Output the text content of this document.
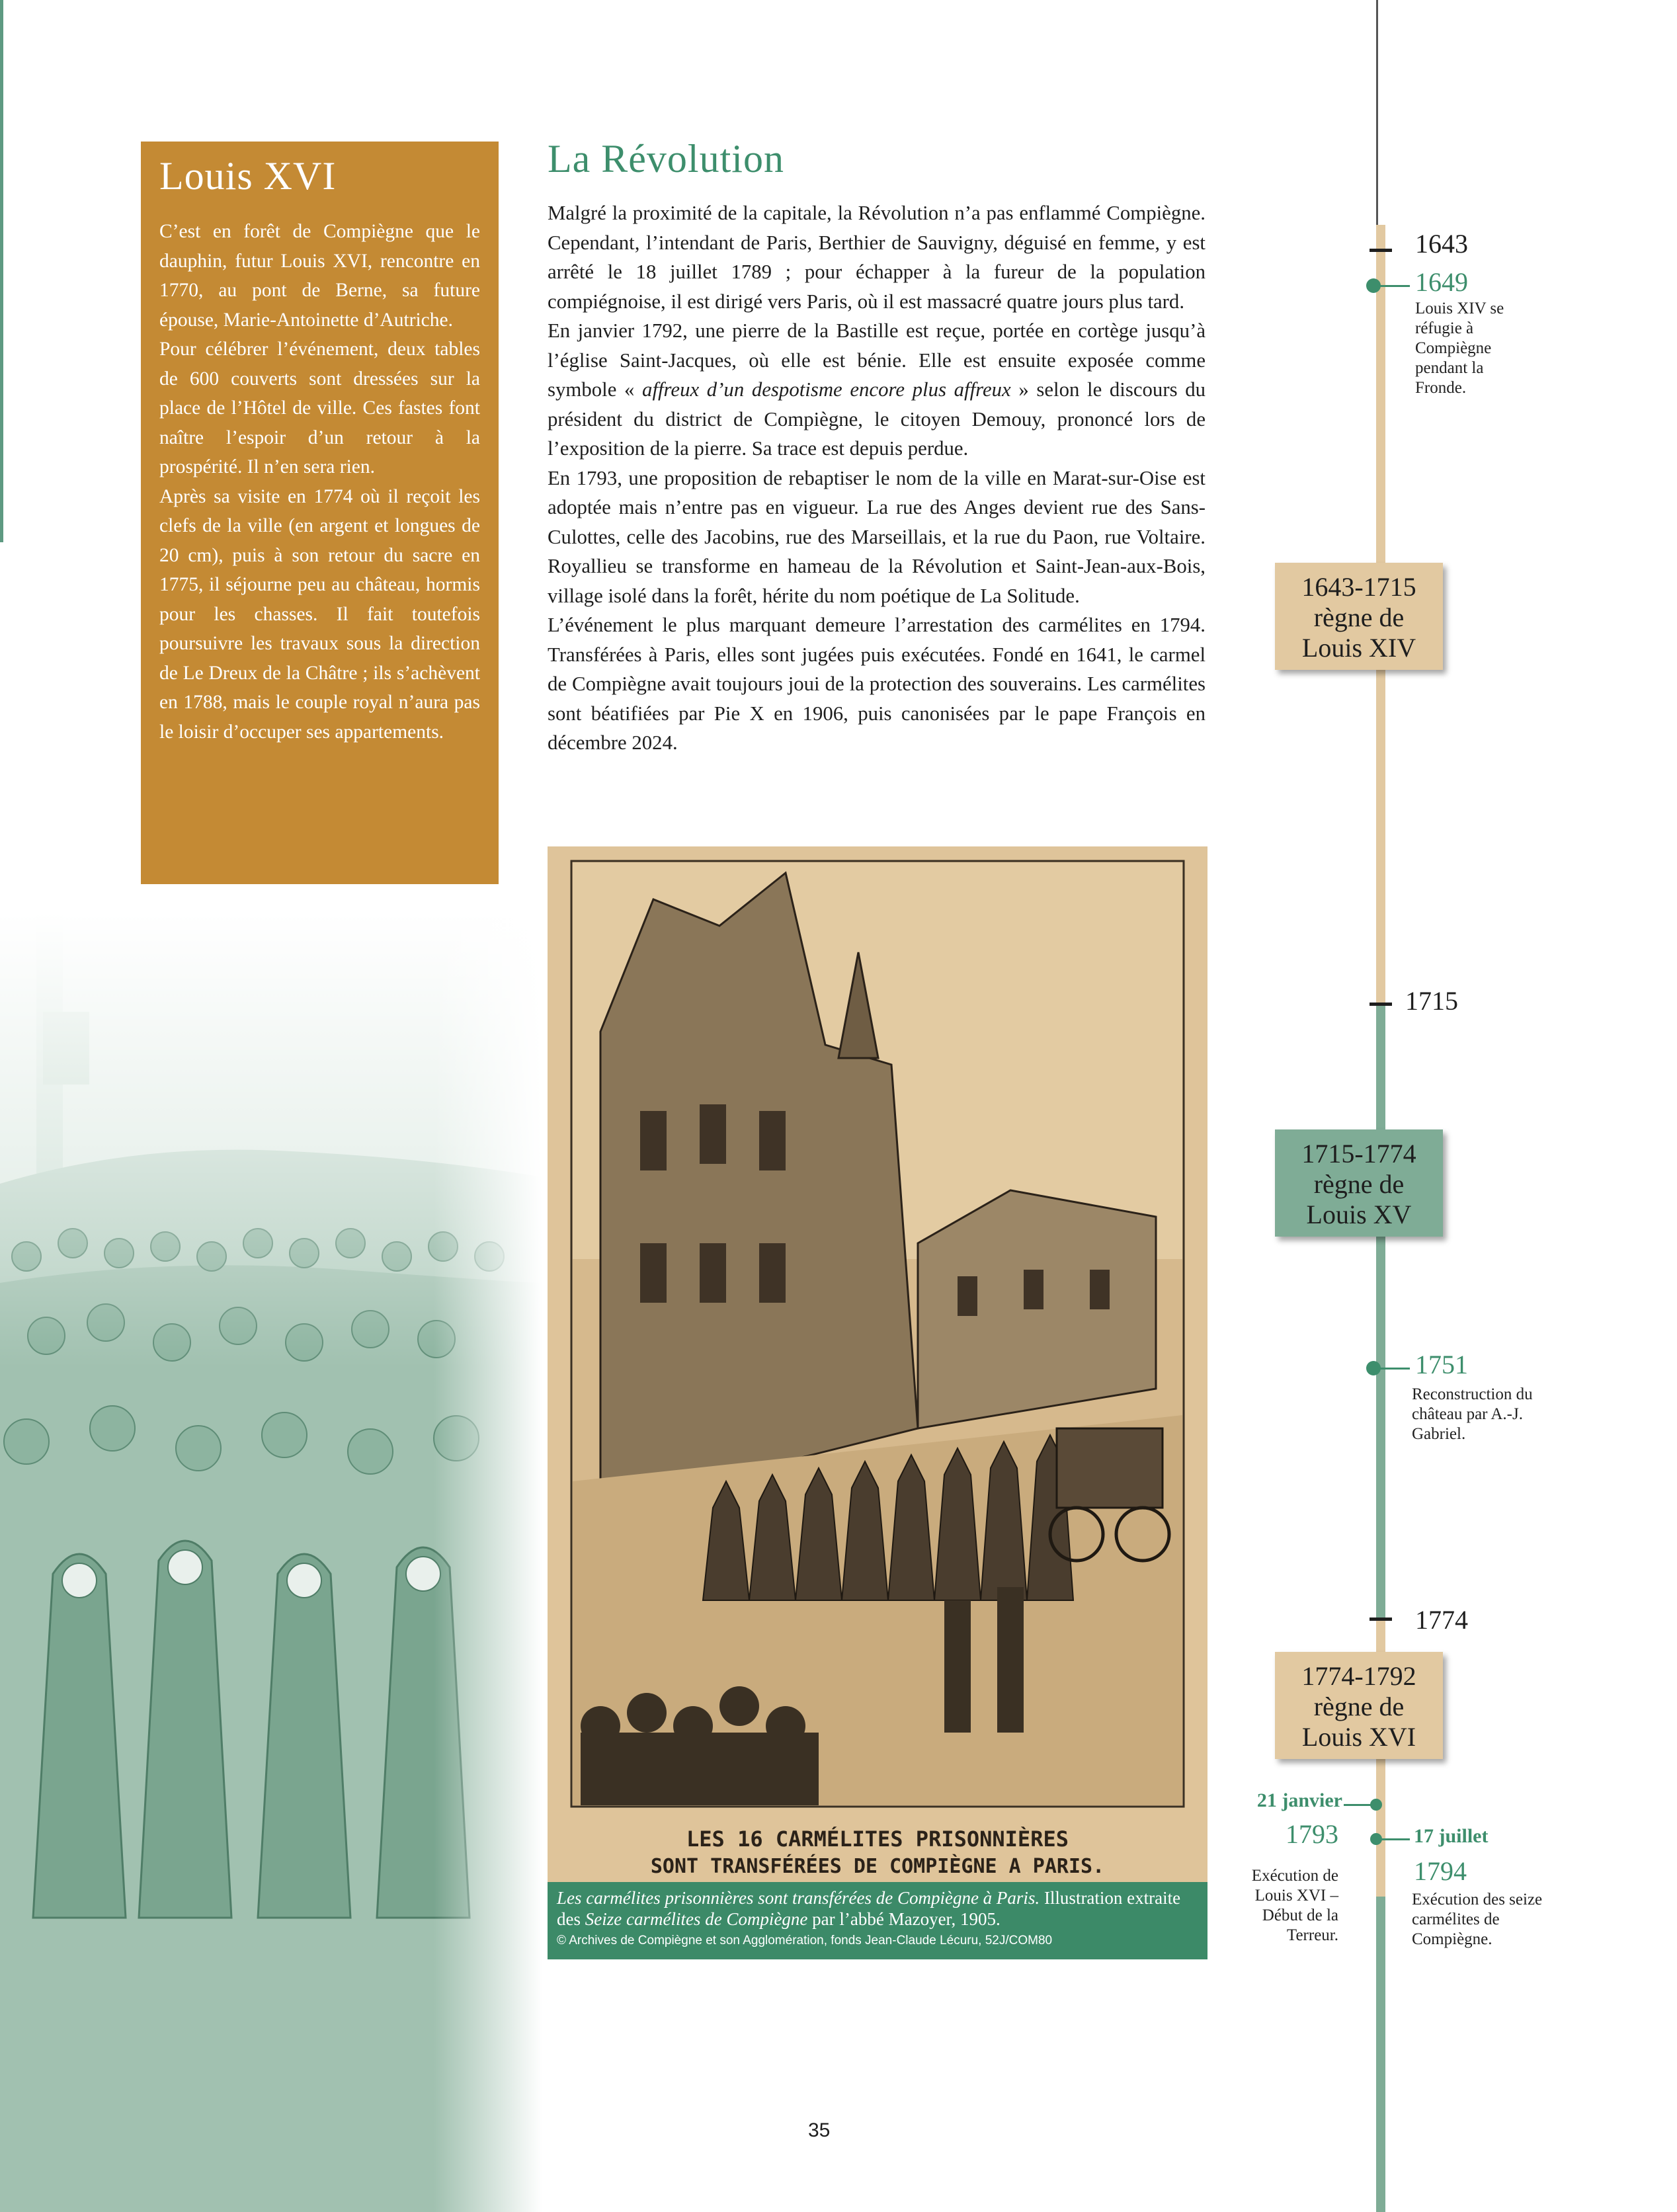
Louis XVI

C’est en forêt de Compiègne que le dauphin, futur Louis XVI, rencontre en 1770, au pont de Berne, sa future épouse, Marie-Antoinette d’Autriche.

Pour célébrer l’événement, deux tables de 600 couverts sont dressées sur la place de l’Hôtel de ville. Ces fastes font naître l’espoir d’un retour à la prospérité. Il n’en sera rien.

Après sa visite en 1774 où il reçoit les clefs de la ville (en argent et longues de 20 cm), puis à son retour du sacre en 1775, il séjourne peu au château, hormis pour les chasses. Il fait toutefois poursuivre les travaux sous la direction de Le Dreux de la Châtre ; ils s’achèvent en 1788, mais le couple royal n’aura pas le loisir d’occuper ses appartements.

La Révolution

Malgré la proximité de la capitale, la Révolution n’a pas enflammé Compiègne. Cependant, l’intendant de Paris, Berthier de Sauvigny, déguisé en femme, y est arrêté le 18 juillet 1789 ; pour échapper à la fureur de la population compiégnoise, il est dirigé vers Paris, où il est massacré quatre jours plus tard.

En janvier 1792, une pierre de la Bastille est reçue, portée en cortège jusqu’à l’église Saint-Jacques, où elle est bénie. Elle est ensuite exposée comme symbole « affreux d’un despotisme encore plus affreux » selon le discours du président du district de Compiègne, le citoyen Demouy, prononcé lors de l’exposition de la pierre. Sa trace est depuis perdue.

En 1793, une proposition de rebaptiser le nom de la ville en Marat-sur-Oise est adoptée mais n’entre pas en vigueur. La rue des Anges devient rue des Sans-Culottes, celle des Jacobins, rue des Marseillais, et la rue du Paon, rue Voltaire. Royallieu se transforme en hameau de la Révolution et Saint-Jean-aux-Bois, village isolé dans la forêt, hérite du nom poétique de La Solitude.

L’événement le plus marquant demeure l’arrestation des carmélites en 1794. Transférées à Paris, elles sont jugées puis exécutées. Fondé en 1641, le carmel de Compiègne avait toujours joui de la protection des souverains. Les carmélites sont béatifiées par Pie X en 1906, puis canonisées par le pape François en décembre 2024.

LES 16 CARMÉLITES PRISONNIÈRES
SONT TRANSFÉRÉES DE COMPIÈGNE A PARIS.
Les carmélites prisonnières sont transférées de Compiègne à Paris. Illustration extraite des Seize carmélites de Compiègne par l’abbé Mazoyer, 1905.
© Archives de Compiègne et son Agglomération, fonds Jean-Claude Lécuru, 52J/COM80
1643
1649
Louis XIV se réfugie à Compiègne pendant la Fronde.
1643-1715
règne de
Louis XIV
1715
1715-1774
règne de
Louis XV
1751
Reconstruction du château par A.-J. Gabriel.
1774
1774-1792
règne de
Louis XVI
21 janvier
1793
Exécution de Louis XVI – Début de la Terreur.
17 juillet
1794
Exécution des seize carmélites de Compiègne.
35
